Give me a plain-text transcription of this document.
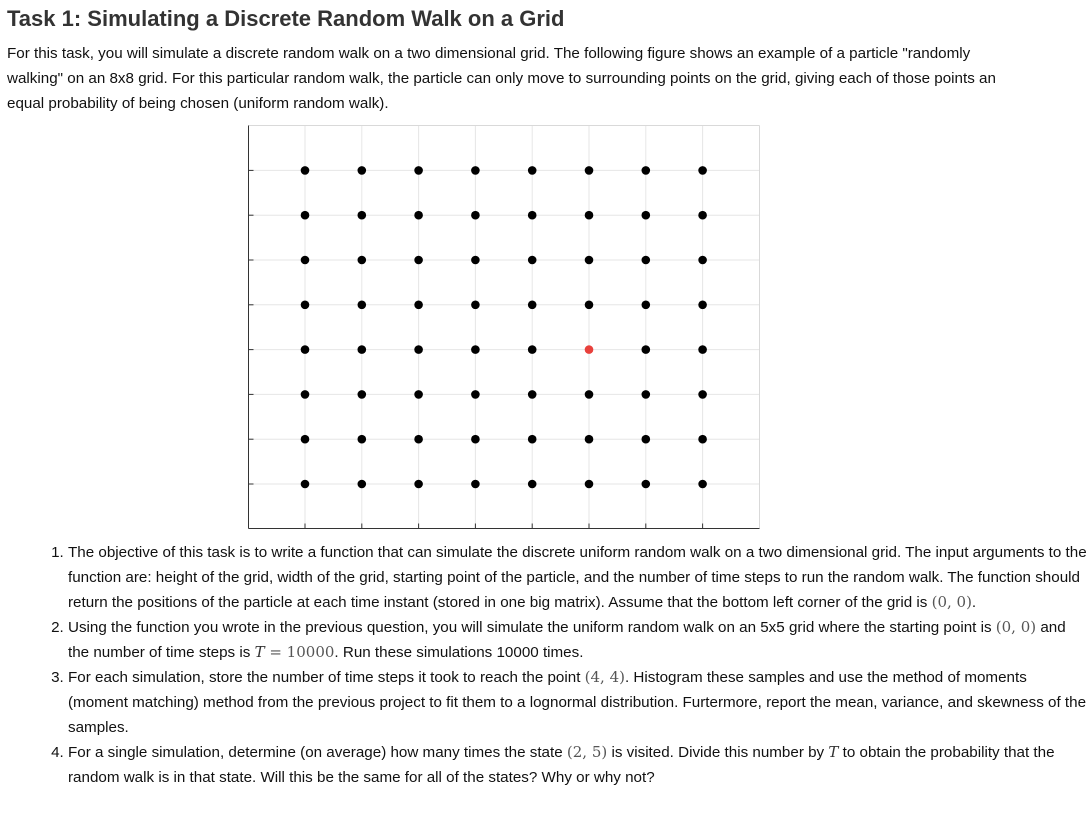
Task 1: Simulating a Discrete Random Walk on a Grid

For this task, you will simulate a discrete random walk on a two dimensional grid. The following figure shows an example of a particle "randomly walking" on an 8x8 grid. For this particular random walk, the particle can only move to surrounding points on the grid, giving each of those points an equal probability of being chosen (uniform random walk).

1. The objective of this task is to write a function that can simulate the discrete uniform random walk on a two dimensional grid. The input arguments to the function are: height of the grid, width of the grid, starting point of the particle, and the number of time steps to run the random walk. The function should return the positions of the particle at each time instant (stored in one big matrix). Assume that the bottom left corner of the grid is (0, 0).
2. Using the function you wrote in the previous question, you will simulate the uniform random walk on an 5x5 grid where the starting point is (0, 0) and the number of time steps is T = 10000. Run these simulations 10000 times.
3. For each simulation, store the number of time steps it took to reach the point (4, 4). Histogram these samples and use the method of moments (moment matching) method from the previous project to fit them to a lognormal distribution. Furtermore, report the mean, variance, and skewness of the samples.
4. For a single simulation, determine (on average) how many times the state (2, 5) is visited. Divide this number by T to obtain the probability that the random walk is in that state. Will this be the same for all of the states? Why or why not?
